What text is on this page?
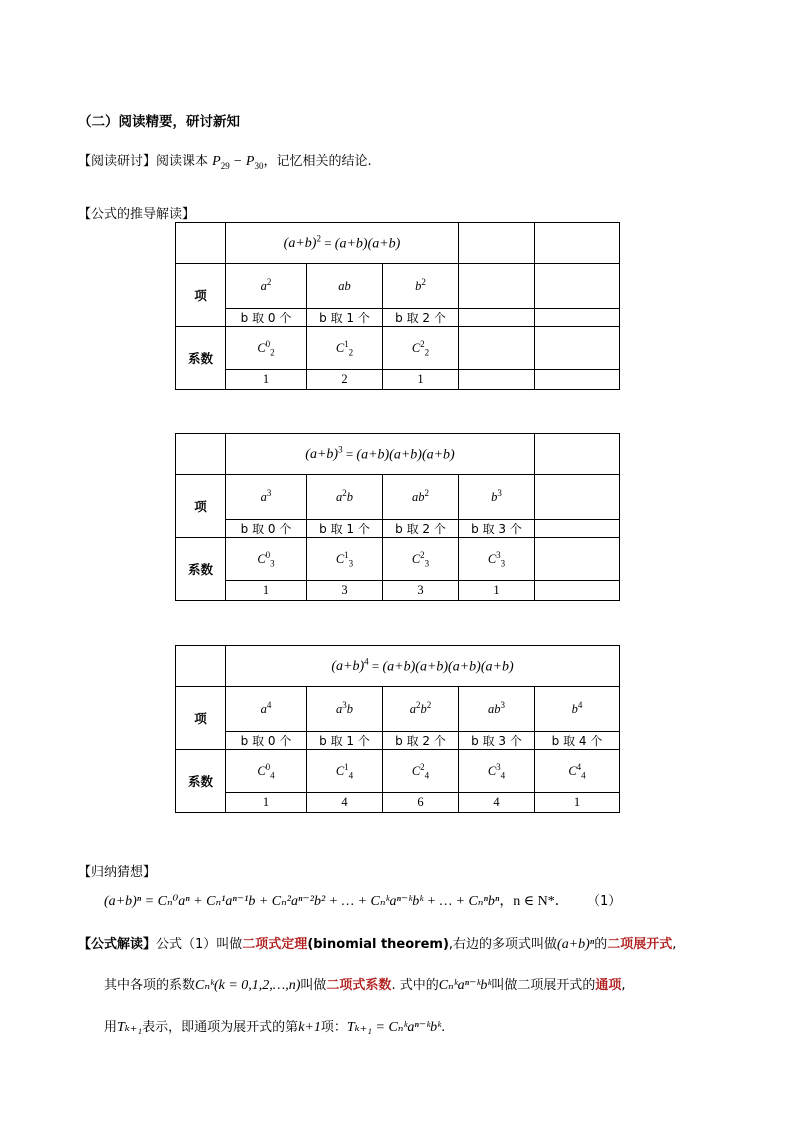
（二）阅读精要，研讨新知
【阅读研讨】阅读课本 $P_{29} - P_{30}$，记忆相关的结论.
【公式的推导解读】
	$(a+b)^2 = (a+b)(a+b)$				
项	$a^2$	ab	$b^2$		
	b 取 0 个	b 取 1 个	b 取 2 个		
系数	$C^0_2$	$C^1_2$	$C^2_2$		
	1	2	1		
	$(a+b)^3 = (a+b)(a+b)(a+b)$				
项	$a^3$	$a^2b$	$ab^2$	$b^3$	
	b 取 0 个	b 取 1 个	b 取 2 个	b 取 3 个	
系数	$C^0_3$	$C^1_3$	$C^2_3$	$C^3_3$	
	1	3	3	1	
	$(a+b)^4 = (a+b)(a+b)(a+b)(a+b)$				
项	$a^4$	$a^3b$	$a^2b^2$	$ab^3$	$b^4$
	b 取 0 个	b 取 1 个	b 取 2 个	b 取 3 个	b 取 4 个
系数	$C^0_4$	$C^1_4$	$C^2_4$	$C^3_4$	$C^4_4$
	1	4	6	4	1
【归纳猜想】
(a+b)ⁿ = Cₙ⁰aⁿ + Cₙ¹aⁿ⁻¹b + Cₙ²aⁿ⁻²b² + … + Cₙᵏaⁿ⁻ᵏbᵏ + … + Cₙⁿbⁿ，n ∈ N*． （1）
【公式解读】公式（1）叫做二项式定理(binomial theorem),右边的多项式叫做(a+b)ⁿ的二项展开式,
其中各项的系数Cₙᵏ(k = 0,1,2,…,n)叫做二项式系数. 式中的Cₙᵏaⁿ⁻ᵏbᵏ叫做二项展开式的通项,
用Tₖ₊₁表示，即通项为展开式的第k+1项：Tₖ₊₁ = Cₙᵏaⁿ⁻ᵏbᵏ.
